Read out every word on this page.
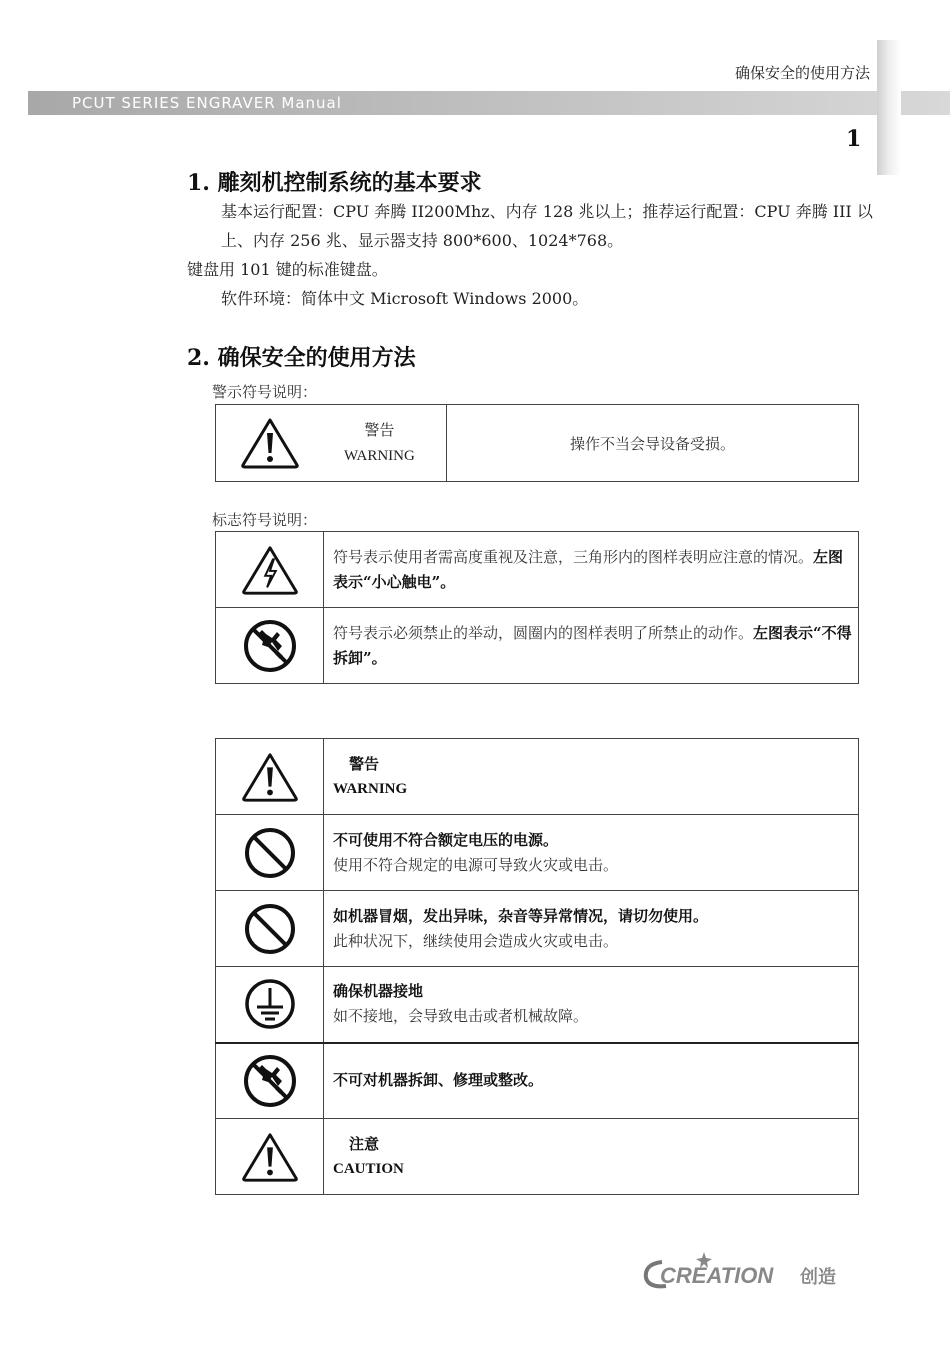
确保安全的使用方法
PCUT SERIES ENGRAVER Manual
1
1. 雕刻机控制系统的基本要求
基本运行配置：CPU 奔腾 II200Mhz、内存 128 兆以上；推荐运行配置：CPU 奔腾 III 以上、内存 256 兆、显示器支持 800*600、1024*768。
键盘用 101 键的标准键盘。
软件环境：简体中文 Microsoft Windows 2000。
2. 确保安全的使用方法
警示符号说明：
警告
WARNING
	操作不当会导设备受损。
标志符号说明：
	符号表示使用者需高度重视及注意，三角形内的图样表明应注意的情况。左图表示“小心触电”。

	符号表示必须禁止的举动，圆圈内的图样表明了所禁止的动作。左图表示“不得拆卸”。

警告
WARNING

不可使用不符合额定电压的电源。
使用不符合规定的电源可导致火灾或电击。

如机器冒烟，发出异味，杂音等异常情况，请切勿使用。
此种状况下，继续使用会造成火灾或电击。

确保机器接地
如不接地，会导致电击或者机械故障。

不可对机器拆卸、修理或整改。

注意
CAUTION
CREATION 创造
